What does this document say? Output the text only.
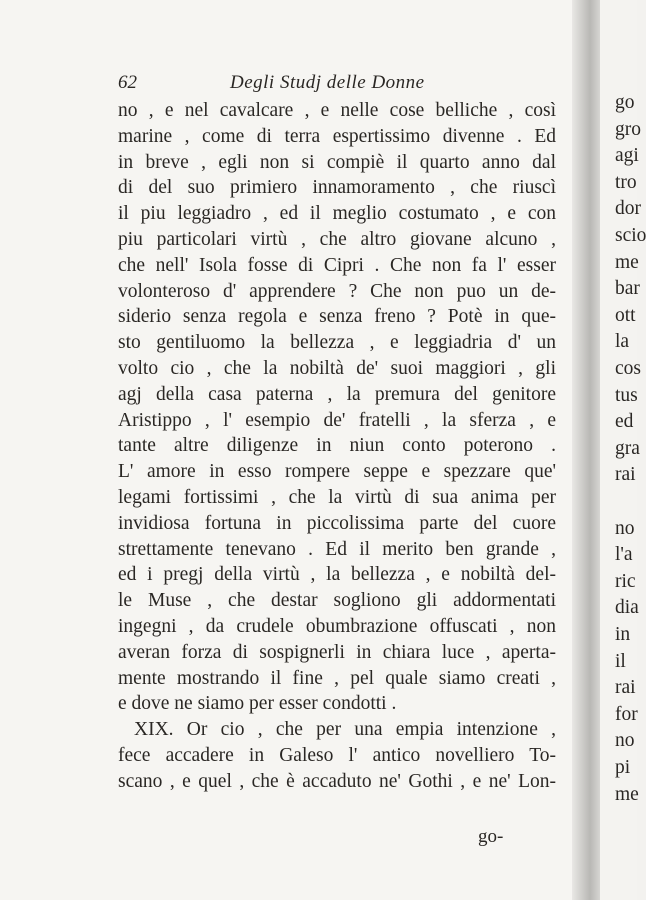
62	Degli Studj delle Donne
no , e nel cavalcare , e nelle cose belliche , così
marine , come di terra espertissimo divenne . Ed
in breve , egli non si compiè il quarto anno dal
di del suo primiero innamoramento , che riuscì
il piu leggiadro , ed il meglio costumato , e con
piu particolari virtù , che altro giovane alcuno ,
che nell' Isola fosse di Cipri . Che non fa l' esser
volonteroso d' apprendere ? Che non puo un de-
siderio senza regola e senza freno ? Potè in que-
sto gentiluomo la bellezza , e leggiadria d' un
volto cio , che la nobiltà de' suoi maggiori , gli
agj della casa paterna , la premura del genitore
Aristippo , l' esempio de' fratelli , la sferza , e
tante altre diligenze in niun conto poterono .
L' amore in esso rompere seppe e spezzare que'
legami fortissimi , che la virtù di sua anima per
invidiosa fortuna in piccolissima parte del cuore
strettamente tenevano . Ed il merito ben grande ,
ed i pregj della virtù , la bellezza , e nobiltà del-
le Muse , che destar sogliono gli addormentati
ingegni , da crudele obumbrazione offuscati , non
averan forza di sospignerli in chiara luce , aperta-
mente mostrando il fine , pel quale siamo creati ,
e dove ne siamo per esser condotti .
XIX. Or cio , che per una empia intenzione ,
fece accadere in Galeso l' antico novelliero To-
scano , e quel , che è accaduto ne' Gothi , e ne' Lon-
go-
go
gro
agi
tro
dor
scio
me
bar
ott
la
cos
tus
ed
gra
rai
no
l'a
ric
dia
in
il
rai
for
no
pi
me
